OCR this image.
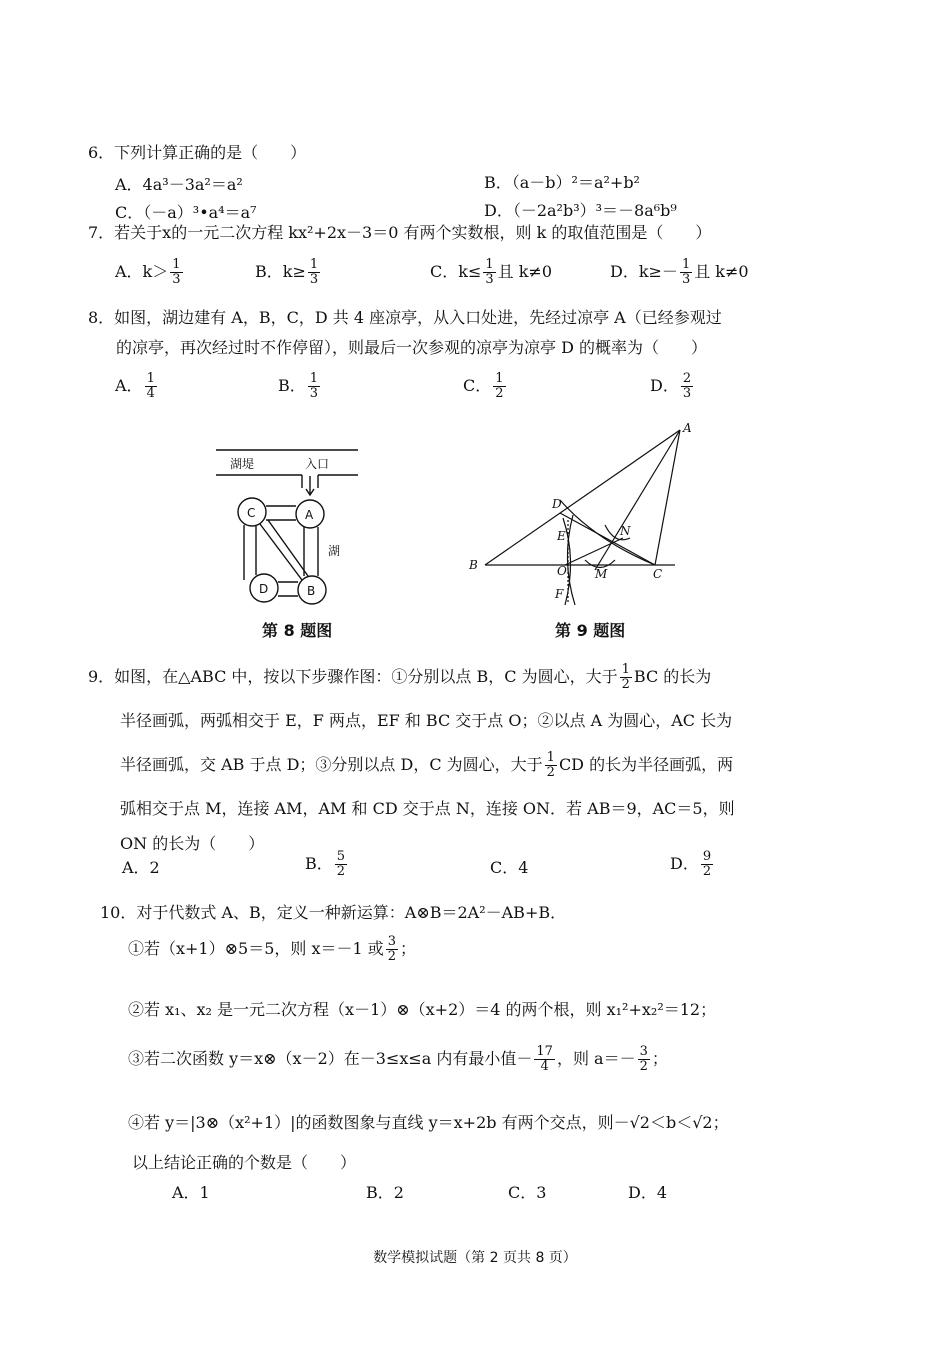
6．下列计算正确的是（　　）
A．4a³－3a²＝a²	B．（a－b）²＝a²+b²
C．（－a）³•a⁴＝a⁷	D．（－2a²b³）³＝－8a⁶b⁹
7．若关于x的一元二次方程 kx²+2x－3＝0 有两个实数根，则 k 的取值范围是（　　）
A．$k> \frac{1}{3}$	B．$k\ge \frac{1}{3}$	C．$k\le \frac{1}{3}$ 且 k≠0	D．$k\ge- \frac{1}{3}$ 且 k≠0
8．如图，湖边建有 A，B，C，D 共 4 座凉亭，从入口处进，先经过凉亭 A（已经参观过
的凉亭，再次经过时不作停留），则最后一次参观的凉亭为凉亭 D 的概率为（　　）
A． $\frac{1}{4}$	B． $\frac{1}{3}$	C． $\frac{1}{2}$	D． $\frac{2}{3}$
湖堤	入口
湖
C	A
D	B
第 8 题图
A
B
C
D
E
F
O M
N
第 9 题图
9．如图，在△ABC 中，按以下步骤作图：①分别以点 B，C 为圆心，大于 $\frac{1}{2}$ BC 的长为
半径画弧，两弧相交于 E，F 两点，EF 和 BC 交于点 O；②以点 A 为圆心，AC 长为
半径画弧，交 AB 于点 D；③分别以点 D，C 为圆心，大于 $\frac{1}{2}$ CD 的长为半径画弧，两
弧相交于点 M，连接 AM，AM 和 CD 交于点 N，连接 ON．若 AB＝9，AC＝5，则
ON 的长为（　　）
A．2	B． $\frac{5}{2}$	C．4	D． $\frac{9}{2}$
10．对于代数式 A、B，定义一种新运算：A⊗B＝2A²－AB+B．
①若（x+1）⊗5＝5，则 x＝－1 或 $\frac{3}{2}$ ；
②若 x₁、x₂ 是一元二次方程（x－1）⊗（x+2）＝4 的两个根，则 x₁²+x₂²＝12；
③若二次函数 y＝x⊗（x－2）在－3≤x≤a 内有最小值－ $\frac{17}{4}$ ，则 $a=- \frac{3}{2}$ ；
④若 y＝|3⊗（x²+1）|的函数图象与直线 y＝x+2b 有两个交点，则－√2＜b＜√2；
以上结论正确的个数是（　　）
A．1	B．2	C．3	D．4
数学模拟试题（第 2 页共 8 页）
